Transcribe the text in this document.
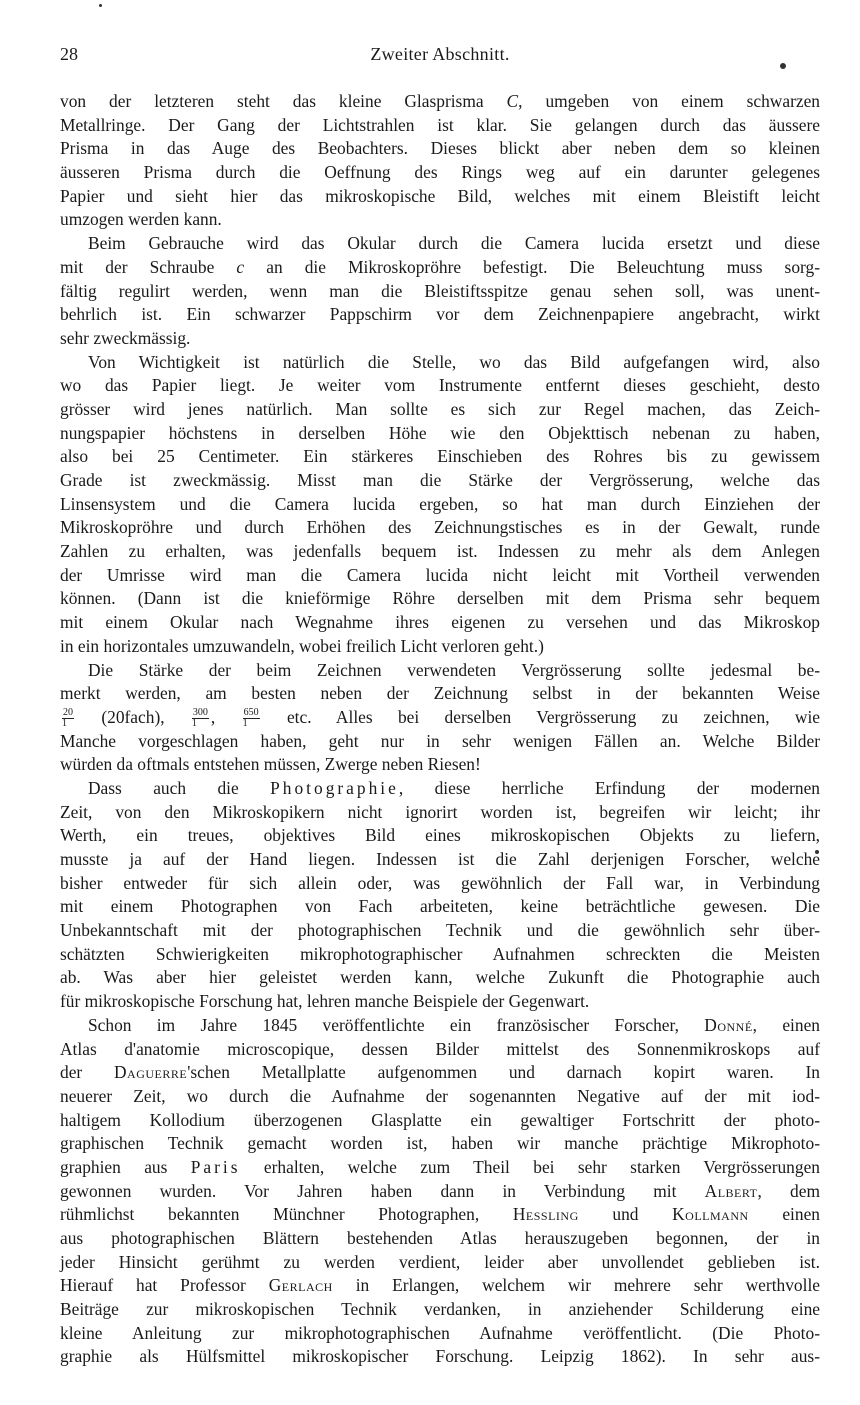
28	Zweiter Abschnitt.
von der letzteren steht das kleine Glasprisma C, umgeben von einem schwarzen
Metallringe. Der Gang der Lichtstrahlen ist klar. Sie gelangen durch das äussere
Prisma in das Auge des Beobachters. Dieses blickt aber neben dem so kleinen
äusseren Prisma durch die Oeffnung des Rings weg auf ein darunter gelegenes
Papier und sieht hier das mikroskopische Bild, welches mit einem Bleistift leicht
umzogen werden kann.
Beim Gebrauche wird das Okular durch die Camera lucida ersetzt und diese
mit der Schraube c an die Mikroskopröhre befestigt. Die Beleuchtung muss sorg-
fältig regulirt werden, wenn man die Bleistiftsspitze genau sehen soll, was unent-
behrlich ist. Ein schwarzer Pappschirm vor dem Zeichnenpapiere angebracht, wirkt
sehr zweckmässig.
Von Wichtigkeit ist natürlich die Stelle, wo das Bild aufgefangen wird, also
wo das Papier liegt. Je weiter vom Instrumente entfernt dieses geschieht, desto
grösser wird jenes natürlich. Man sollte es sich zur Regel machen, das Zeich-
nungspapier höchstens in derselben Höhe wie den Objekttisch nebenan zu haben,
also bei 25 Centimeter. Ein stärkeres Einschieben des Rohres bis zu gewissem
Grade ist zweckmässig. Misst man die Stärke der Vergrösserung, welche das
Linsensystem und die Camera lucida ergeben, so hat man durch Einziehen der
Mikroskopröhre und durch Erhöhen des Zeichnungstisches es in der Gewalt, runde
Zahlen zu erhalten, was jedenfalls bequem ist. Indessen zu mehr als dem Anlegen
der Umrisse wird man die Camera lucida nicht leicht mit Vortheil verwenden
können. (Dann ist die knieförmige Röhre derselben mit dem Prisma sehr bequem
mit einem Okular nach Wegnahme ihres eigenen zu versehen und das Mikroskop
in ein horizontales umzuwandeln, wobei freilich Licht verloren geht.)
Die Stärke der beim Zeichnen verwendeten Vergrösserung sollte jedesmal be-
merkt werden, am besten neben der Zeichnung selbst in der bekannten Weise
$\frac{20}{1}$ (20fach), $\frac{300}{1}$ , $\frac{650}{1}$ etc. Alles bei derselben Vergrösserung zu zeichnen, wie
Manche vorgeschlagen haben, geht nur in sehr wenigen Fällen an. Welche Bilder
würden da oftmals entstehen müssen, Zwerge neben Riesen!
Dass auch die Photographie, diese herrliche Erfindung der modernen
Zeit, von den Mikroskopikern nicht ignorirt worden ist, begreifen wir leicht; ihr
Werth, ein treues, objektives Bild eines mikroskopischen Objekts zu liefern,
musste ja auf der Hand liegen. Indessen ist die Zahl derjenigen Forscher, welche
bisher entweder für sich allein oder, was gewöhnlich der Fall war, in Verbindung
mit einem Photographen von Fach arbeiteten, keine beträchtliche gewesen. Die
Unbekanntschaft mit der photographischen Technik und die gewöhnlich sehr über-
schätzten Schwierigkeiten mikrophotographischer Aufnahmen schreckten die Meisten
ab. Was aber hier geleistet werden kann, welche Zukunft die Photographie auch
für mikroskopische Forschung hat, lehren manche Beispiele der Gegenwart.
Schon im Jahre 1845 veröffentlichte ein französischer Forscher, Donné, einen
Atlas d'anatomie microscopique, dessen Bilder mittelst des Sonnenmikroskops auf
der Daguerre'schen Metallplatte aufgenommen und darnach kopirt waren. In
neuerer Zeit, wo durch die Aufnahme der sogenannten Negative auf der mit iod-
haltigem Kollodium überzogenen Glasplatte ein gewaltiger Fortschritt der photo-
graphischen Technik gemacht worden ist, haben wir manche prächtige Mikrophoto-
graphien aus Paris erhalten, welche zum Theil bei sehr starken Vergrösserungen
gewonnen wurden. Vor Jahren haben dann in Verbindung mit Albert, dem
rühmlichst bekannten Münchner Photographen, Hessling und Kollmann einen
aus photographischen Blättern bestehenden Atlas herauszugeben begonnen, der in
jeder Hinsicht gerühmt zu werden verdient, leider aber unvollendet geblieben ist.
Hierauf hat Professor Gerlach in Erlangen, welchem wir mehrere sehr werthvolle
Beiträge zur mikroskopischen Technik verdanken, in anziehender Schilderung eine
kleine Anleitung zur mikrophotographischen Aufnahme veröffentlicht. (Die Photo-
graphie als Hülfsmittel mikroskopischer Forschung. Leipzig 1862). In sehr aus-
